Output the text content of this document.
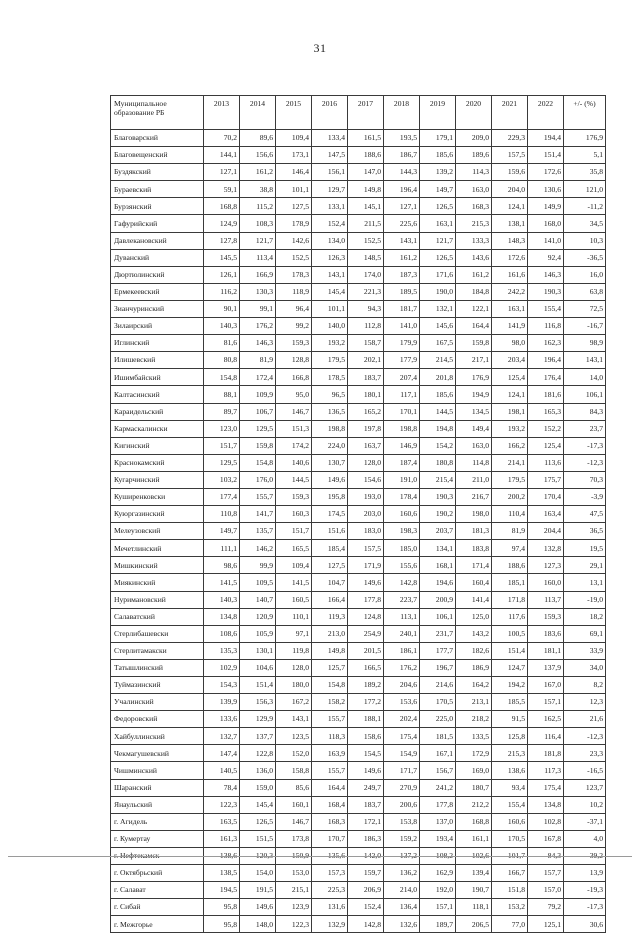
31
Муниципальное образование РБ	2013	2014	2015	2016	2017	2018	2019	2020	2021	2022	+/- (%)
Благоварский	70,2	89,6	109,4	133,4	161,5	193,5	179,1	209,0	229,3	194,4	176,9
Благовещенский	144,1	156,6	173,1	147,5	188,6	186,7	185,6	189,6	157,5	151,4	5,1
Буздякский	127,1	161,2	146,4	156,1	147,0	144,3	139,2	114,3	159,6	172,6	35,8
Бураевский	59,1	38,8	101,1	129,7	149,8	196,4	149,7	163,0	204,0	130,6	121,0
Бурзянский	168,8	115,2	127,5	133,1	145,1	127,1	126,5	168,3	124,1	149,9	-11,2
Гафурийский	124,9	108,3	178,9	152,4	211,5	225,6	163,1	215,3	138,1	168,0	34,5
Давлекановский	127,8	121,7	142,6	134,0	152,5	143,1	121,7	133,3	148,3	141,0	10,3
Дуванский	145,5	113,4	152,5	126,3	148,5	161,2	126,5	143,6	172,6	92,4	-36,5
Дюртюлинский	126,1	166,9	178,3	143,1	174,0	187,3	171,6	161,2	161,6	146,3	16,0
Ермекеевский	116,2	130,3	118,9	145,4	221,3	189,5	190,0	184,8	242,2	190,3	63,8
Зианчуринский	90,1	99,1	96,4	101,1	94,3	181,7	132,1	122,1	163,1	155,4	72,5
Зилаирский	140,3	176,2	99,2	140,0	112,8	141,0	145,6	164,4	141,9	116,8	-16,7
Иглинский	81,6	146,3	159,3	193,2	158,7	179,9	167,5	159,8	98,0	162,3	98,9
Илишевский	80,8	81,9	128,8	179,5	202,1	177,9	214,5	217,1	203,4	196,4	143,1
Ишимбайский	154,8	172,4	166,8	178,5	183,7	207,4	201,8	176,9	125,4	176,4	14,0
Калтасинский	88,1	109,9	95,0	96,5	180,1	117,1	185,6	194,9	124,1	181,6	106,1
Караидельский	89,7	106,7	146,7	136,5	165,2	170,1	144,5	134,5	198,1	165,3	84,3
Кармаскалински	123,0	129,5	151,3	198,8	197,8	198,8	194,8	149,4	193,2	152,2	23,7
Кигинский	151,7	159,8	174,2	224,0	163,7	146,9	154,2	163,0	166,2	125,4	-17,3
Краснокамский	129,5	154,8	140,6	130,7	128,0	187,4	180,8	114,8	214,1	113,6	-12,3
Кугарчинский	103,2	176,0	144,5	149,6	154,6	191,0	215,4	211,0	179,5	175,7	70,3
Куширенковски	177,4	155,7	159,3	195,8	193,0	178,4	190,3	216,7	200,2	170,4	-3,9
Куюргазинский	110,8	141,7	160,3	174,5	203,0	160,6	190,2	198,0	110,4	163,4	47,5
Мелеузовский	149,7	135,7	151,7	151,6	183,0	198,3	203,7	181,3	81,9	204,4	36,5
Мечетлинский	111,1	146,2	165,5	185,4	157,5	185,0	134,1	183,8	97,4	132,8	19,5
Мишкинский	98,6	99,9	109,4	127,5	171,9	155,6	168,1	171,4	188,6	127,3	29,1
Миякинский	141,5	109,5	141,5	104,7	149,6	142,8	194,6	160,4	185,1	160,0	13,1
Нуримановский	140,3	140,7	160,5	166,4	177,8	223,7	200,9	141,4	171,8	113,7	-19,0
Салаватский	134,8	120,9	110,1	119,3	124,8	113,1	106,1	125,0	117,6	159,3	18,2
Стерлибашевски	108,6	105,9	97,1	213,0	254,9	240,1	231,7	143,2	100,5	183,6	69,1
Стерлитамакски	135,3	130,1	119,8	149,8	201,5	186,1	177,7	182,6	151,4	181,1	33,9
Татышлинский	102,9	104,6	128,0	125,7	166,5	176,2	196,7	186,9	124,7	137,9	34,0
Туймазинский	154,3	151,4	180,0	154,8	189,2	204,6	214,6	164,2	194,2	167,0	8,2
Учалинский	139,9	156,3	167,2	158,2	177,2	153,6	170,5	213,1	185,5	157,1	12,3
Федоровский	133,6	129,9	143,1	155,7	188,1	202,4	225,0	218,2	91,5	162,5	21,6
Хайбуллинский	132,7	137,7	123,5	118,3	158,6	175,4	181,5	133,5	125,8	116,4	-12,3
Чекмагушевский	147,4	122,8	152,0	163,9	154,5	154,9	167,1	172,9	215,3	181,8	23,3
Чишминский	140,5	136,0	158,8	155,7	149,6	171,7	156,7	169,0	138,6	117,3	-16,5
Шаранский	78,4	159,0	85,6	164,4	249,7	270,9	241,2	180,7	93,4	175,4	123,7
Янаульский	122,3	145,4	160,1	168,4	183,7	200,6	177,8	212,2	155,4	134,8	10,2
г. Агидель	163,5	126,5	146,7	168,3	172,1	153,8	137,0	168,8	160,6	102,8	-37,1
г. Кумертау	161,3	151,5	173,8	170,7	186,3	159,2	193,4	161,1	170,5	167,8	4,0
г. Нефтекамск	138,6	120,3	150,9	135,6	142,0	137,2	108,2	102,6	101,7	84,3	-39,2
г. Октябрьский	138,5	154,0	153,0	157,3	159,7	136,2	162,9	139,4	166,7	157,7	13,9
г. Салават	194,5	191,5	215,1	225,3	206,9	214,0	192,0	190,7	151,8	157,0	-19,3
г. Сибай	95,8	149,6	123,9	131,6	152,4	136,4	157,1	118,1	153,2	79,2	-17,3
г. Межгорье	95,8	148,0	122,3	132,9	142,8	132,6	189,7	206,5	77,0	125,1	30,6
